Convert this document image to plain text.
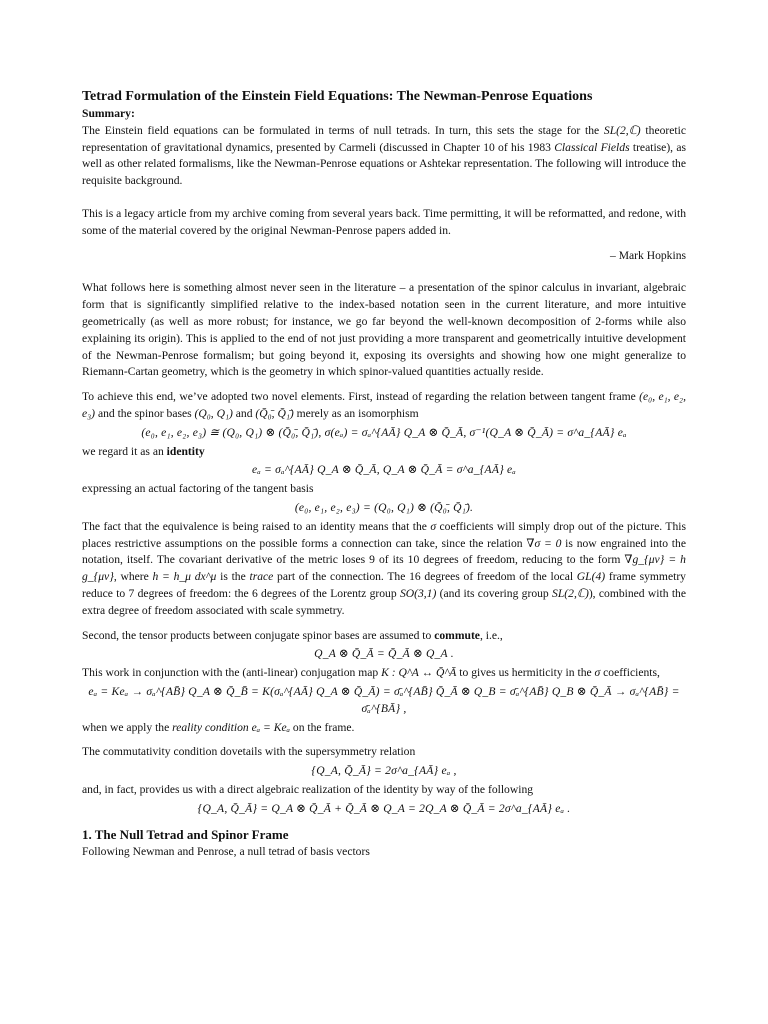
Tetrad Formulation of the Einstein Field Equations: The Newman-Penrose Equations

Summary:

The Einstein field equations can be formulated in terms of null tetrads. In turn, this sets the stage for the SL(2,ℂ) theoretic representation of gravitational dynamics, presented by Carmeli (discussed in Chapter 10 of his 1983 Classical Fields treatise), as well as other related formalisms, like the Newman-Penrose equations or Ashtekar representation. The following will introduce the requisite background.

This is a legacy article from my archive coming from several years back. Time permitting, it will be reformatted, and redone, with some of the material covered by the original Newman-Penrose papers added in.

– Mark Hopkins

What follows here is something almost never seen in the literature – a presentation of the spinor calculus in invariant, algebraic form that is significantly simplified relative to the index-based notation seen in the current literature, and more intuitive geometrically (as well as more robust; for instance, we go far beyond the well-known decomposition of 2-forms while also explaining its origin). This is applied to the end of not just providing a more transparent and geometrically intuitive development of the Newman-Penrose formalism; but going beyond it, exposing its oversights and showing how one might generalize to Riemann-Cartan geometry, which is the geometry in which spinor-valued quantities actually reside.

To achieve this end, we’ve adopted two novel elements. First, instead of regarding the relation between tangent frame (e₀, e₁, e₂, e₃) and the spinor bases (Q₀, Q₁) and (Q̄₀̄, Q̄₁̄) merely as an isomorphism

(e₀, e₁, e₂, e₃) ≅ (Q₀, Q₁) ⊗ (Q̄₀̄, Q̄₁̄), σ(eₐ) = σₐ^{AĀ} Q_A ⊗ Q̄_Ā, σ⁻¹(Q_A ⊗ Q̄_Ā) = σ^a_{AĀ} eₐ

we regard it as an identity

eₐ = σₐ^{AĀ} Q_A ⊗ Q̄_Ā, Q_A ⊗ Q̄_Ā = σ^a_{AĀ} eₐ

expressing an actual factoring of the tangent basis

(e₀, e₁, e₂, e₃) = (Q₀, Q₁) ⊗ (Q̄₀̄, Q̄₁̄).

The fact that the equivalence is being raised to an identity means that the σ coefficients will simply drop out of the picture. This places restrictive assumptions on the possible forms a connection can take, since the relation ∇σ = 0 is now engrained into the notation, itself. The covariant derivative of the metric loses 9 of its 10 degrees of freedom, reducing to the form ∇g_{μν} = h g_{μν}, where h = h_μ dx^μ is the trace part of the connection. The 16 degrees of freedom of the local GL(4) frame symmetry reduce to 7 degrees of freedom: the 6 degrees of the Lorentz group SO(3,1) (and its covering group SL(2,ℂ)), combined with the extra degree of freedom associated with scale symmetry.

Second, the tensor products between conjugate spinor bases are assumed to commute, i.e.,

Q_A ⊗ Q̄_Ā = Q̄_Ā ⊗ Q_A .

This work in conjunction with the (anti-linear) conjugation map K : Q^A ↔ Q̄^Ā to gives us hermiticity in the σ coefficients,

eₐ = Keₐ → σₐ^{AB̄} Q_A ⊗ Q̄_B̄ = K(σₐ^{AĀ} Q_A ⊗ Q̄_Ā) = σ̄ₐ^{AB̄} Q̄_Ā ⊗ Q_B = σ̄ₐ^{AB̄} Q_B ⊗ Q̄_Ā → σₐ^{AB̄} = σ̄ₐ^{BĀ} ,

when we apply the reality condition eₐ = Keₐ on the frame.

The commutativity condition dovetails with the supersymmetry relation

{Q_A, Q̄_Ā} = 2σ^a_{AĀ} eₐ ,

and, in fact, provides us with a direct algebraic realization of the identity by way of the following

{Q_A, Q̄_Ā} = Q_A ⊗ Q̄_Ā + Q̄_Ā ⊗ Q_A = 2Q_A ⊗ Q̄_Ā = 2σ^a_{AĀ} eₐ .

1. The Null Tetrad and Spinor Frame

Following Newman and Penrose, a null tetrad of basis vectors
